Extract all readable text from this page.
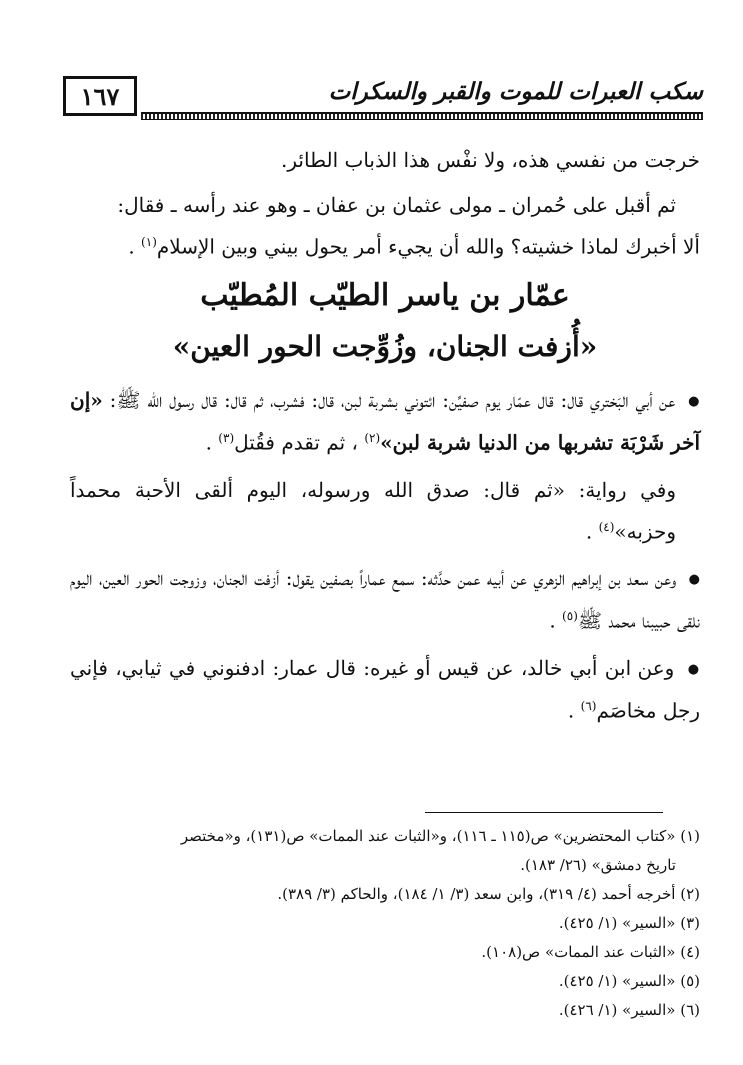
١٦٧	سكب العبرات للموت والقبر والسكرات

خرجت من نفسي هذه، ولا نفْس هذا الذباب الطائر.

ثم أقبل على حُمران ـ مولى عثمان بن عفان ـ وهو عند رأسه ـ فقال:
ألا أخبرك لماذا خشيته؟ والله أن يجيء أمر يحول بيني وبين الإسلام$^{(١)}$ .

عمّار بن ياسر الطيّب المُطيّب
«أُزفت الجنان، وزُوِّجت الحور العين»

● عن أبي البَختري قال: قال عمّار يوم صفيِّن: ائتوني بشربة لبن، قال: فشرب، ثم قال: قال رسول الله ﷺ: «إن آخر شَرْبَة تشربها من الدنيا شربة لبن»$^{(٢)}$ ، ثم تقدم فقُتل$^{(٣)}$ .

وفي رواية: «ثم قال: صدق الله ورسوله، اليوم ألقى الأحبة محمداً وحزبه»$^{(٤)}$ .

● وعن سعد بن إبراهيم الزهري عن أبيه عمن حدَّثه: سمع عماراً بصفين يقول: أزفت الجنان، وزوجت الحور العين، اليوم نلقى حبيبنا محمد ﷺ$^{(٥)}$ .

● وعن ابن أبي خالد، عن قيس أو غيره: قال عمار: ادفنوني في ثيابي، فإني رجل مخاصَم$^{(٦)}$ .

(١) «كتاب المحتضرين» ص(١١٥ ـ ١١٦)، و«الثبات عند الممات» ص(١٣١)، و«مختصر

تاريخ دمشق» (٢٦/ ١٨٣).

(٢) أخرجه أحمد (٤/ ٣١٩)، وابن سعد (٣/ ١/ ١٨٤)، والحاكم (٣/ ٣٨٩).

(٣) «السير» (١/ ٤٢٥).

(٤) «الثبات عند الممات» ص(١٠٨).

(٥) «السير» (١/ ٤٢٥).

(٦) «السير» (١/ ٤٢٦).
